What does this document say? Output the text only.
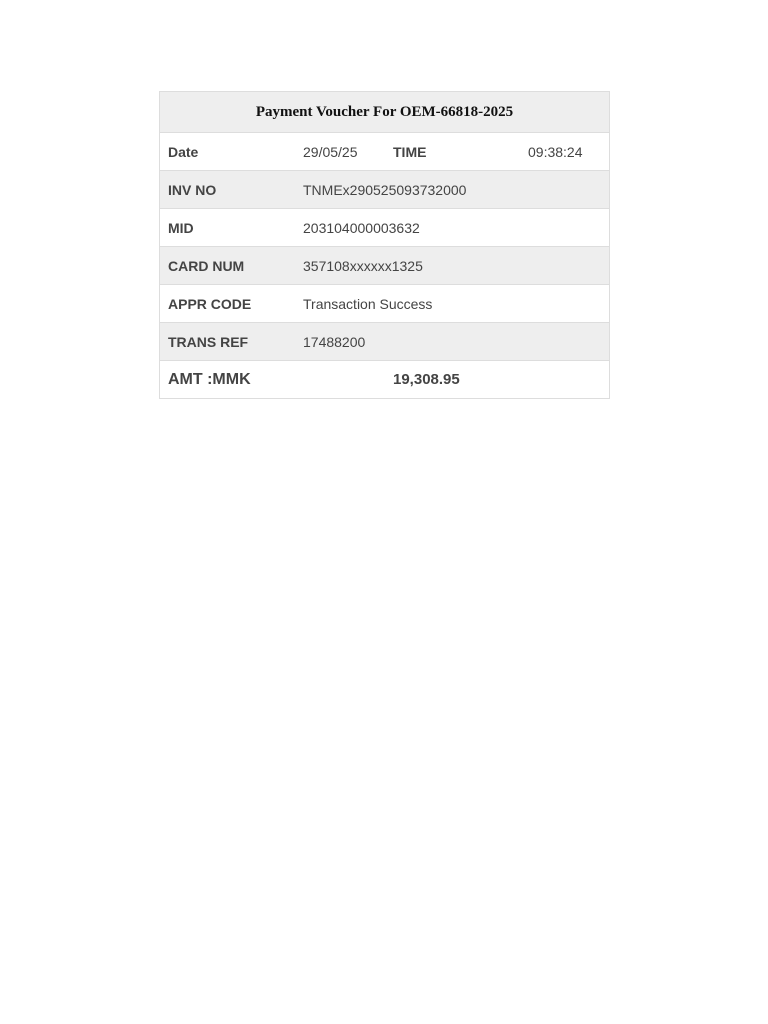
Payment Voucher For OEM-66818-2025
Date	29/05/25	TIME	09:38:24
INV NO	TNMEx290525093732000
MID	203104000003632
CARD NUM	357108xxxxxx1325
APPR CODE	Transaction Success
TRANS REF	17488200
AMT :MMK	19,308.95
